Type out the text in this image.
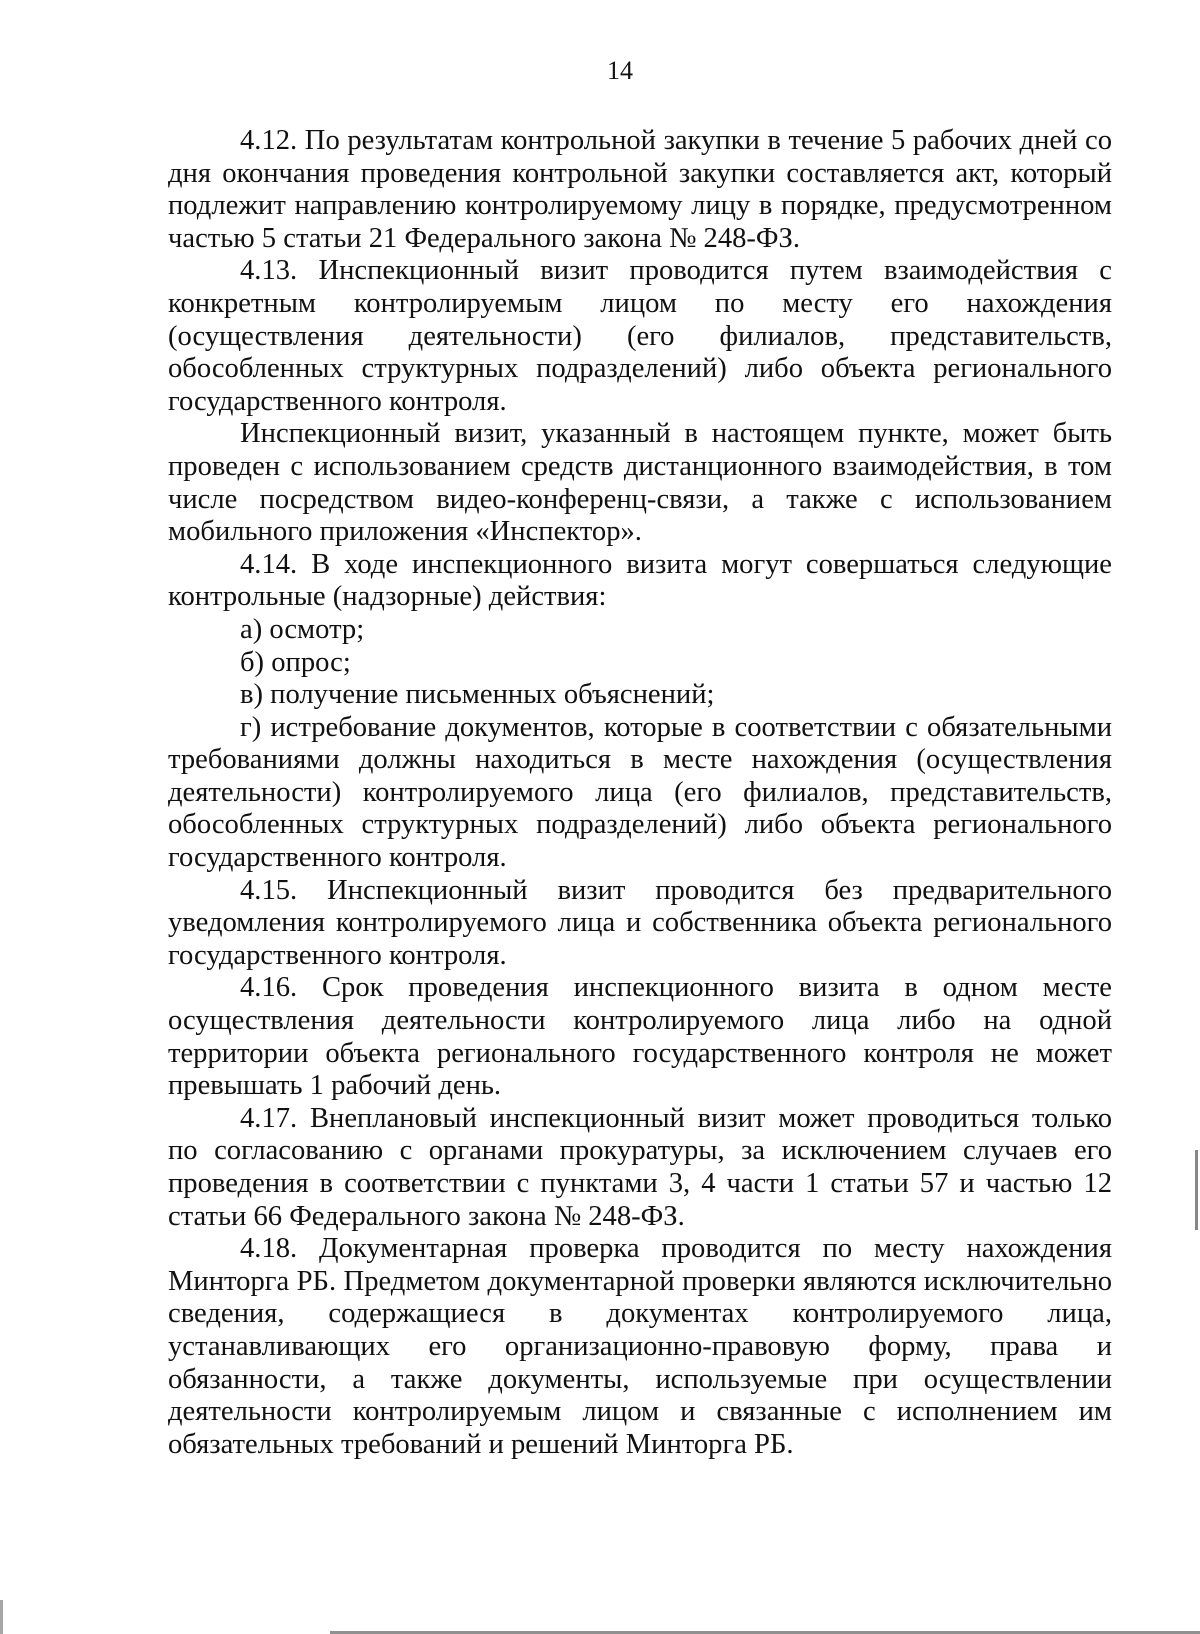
14

4.12. По результатам контрольной закупки в течение 5 рабочих дней со дня окончания проведения контрольной закупки составляется акт, который подлежит направлению контролируемому лицу в порядке, предусмотренном частью 5 статьи 21 Федерального закона № 248-ФЗ.

4.13. Инспекционный визит проводится путем взаимодействия с конкретным контролируемым лицом по месту его нахождения (осуществления деятельности) (его филиалов, представительств, обособленных структурных подразделений) либо объекта регионального государственного контроля.

Инспекционный визит, указанный в настоящем пункте, может быть проведен с использованием средств дистанционного взаимодействия, в том числе посредством видео-конференц-связи, а также с использованием мобильного приложения «Инспектор».

4.14. В ходе инспекционного визита могут совершаться следующие контрольные (надзорные) действия:

а) осмотр;

б) опрос;

в) получение письменных объяснений;

г) истребование документов, которые в соответствии с обязательными требованиями должны находиться в месте нахождения (осуществления деятельности) контролируемого лица (его филиалов, представительств, обособленных структурных подразделений) либо объекта регионального государственного контроля.

4.15. Инспекционный визит проводится без предварительного уведомления контролируемого лица и собственника объекта регионального государственного контроля.

4.16. Срок проведения инспекционного визита в одном месте осуществления деятельности контролируемого лица либо на одной территории объекта регионального государственного контроля не может превышать 1 рабочий день.

4.17. Внеплановый инспекционный визит может проводиться только по согласованию с органами прокуратуры, за исключением случаев его проведения в соответствии с пунктами 3, 4 части 1 статьи 57 и частью 12 статьи 66 Федерального закона № 248-ФЗ.

4.18. Документарная проверка проводится по месту нахождения Минторга РБ. Предметом документарной проверки являются исключительно сведения, содержащиеся в документах контролируемого лица, устанавливающих его организационно-правовую форму, права и обязанности, а также документы, используемые при осуществлении деятельности контролируемым лицом и связанные с исполнением им обязательных требований и решений Минторга РБ.
